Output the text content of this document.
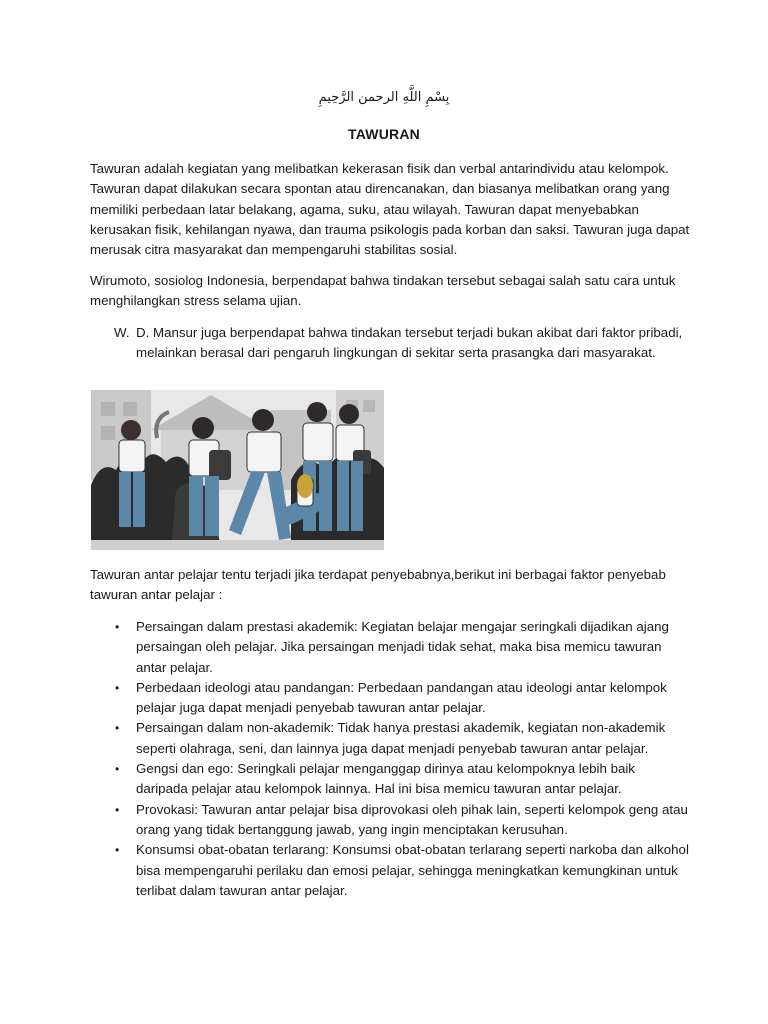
بِسْمِ اللَّهِ الرحمن الرَّحِيمِ
TAWURAN
Tawuran adalah kegiatan yang melibatkan kekerasan fisik dan verbal antarindividu atau kelompok. Tawuran dapat dilakukan secara spontan atau direncanakan, dan biasanya melibatkan orang yang memiliki perbedaan latar belakang, agama, suku, atau wilayah. Tawuran dapat menyebabkan kerusakan fisik, kehilangan nyawa, dan trauma psikologis pada korban dan saksi. Tawuran juga dapat merusak citra masyarakat dan mempengaruhi stabilitas sosial.
Wirumoto, sosiolog Indonesia, berpendapat bahwa tindakan tersebut sebagai salah satu cara untuk menghilangkan stress selama ujian.
W. D. Mansur juga berpendapat bahwa tindakan tersebut terjadi bukan akibat dari faktor pribadi, melainkan berasal dari pengaruh lingkungan di sekitar serta prasangka dari masyarakat.
Tawuran antar pelajar tentu terjadi jika terdapat penyebabnya,berikut ini berbagai faktor penyebab tawuran antar pelajar :
• Persaingan dalam prestasi akademik: Kegiatan belajar mengajar seringkali dijadikan ajang persaingan oleh pelajar. Jika persaingan menjadi tidak sehat, maka bisa memicu tawuran antar pelajar.
• Perbedaan ideologi atau pandangan: Perbedaan pandangan atau ideologi antar kelompok pelajar juga dapat menjadi penyebab tawuran antar pelajar.
• Persaingan dalam non-akademik: Tidak hanya prestasi akademik, kegiatan non-akademik seperti olahraga, seni, dan lainnya juga dapat menjadi penyebab tawuran antar pelajar.
• Gengsi dan ego: Seringkali pelajar menganggap dirinya atau kelompoknya lebih baik daripada pelajar atau kelompok lainnya. Hal ini bisa memicu tawuran antar pelajar.
• Provokasi: Tawuran antar pelajar bisa diprovokasi oleh pihak lain, seperti kelompok geng atau orang yang tidak bertanggung jawab, yang ingin menciptakan kerusuhan.
• Konsumsi obat-obatan terlarang: Konsumsi obat-obatan terlarang seperti narkoba dan alkohol bisa mempengaruhi perilaku dan emosi pelajar, sehingga meningkatkan kemungkinan untuk terlibat dalam tawuran antar pelajar.
